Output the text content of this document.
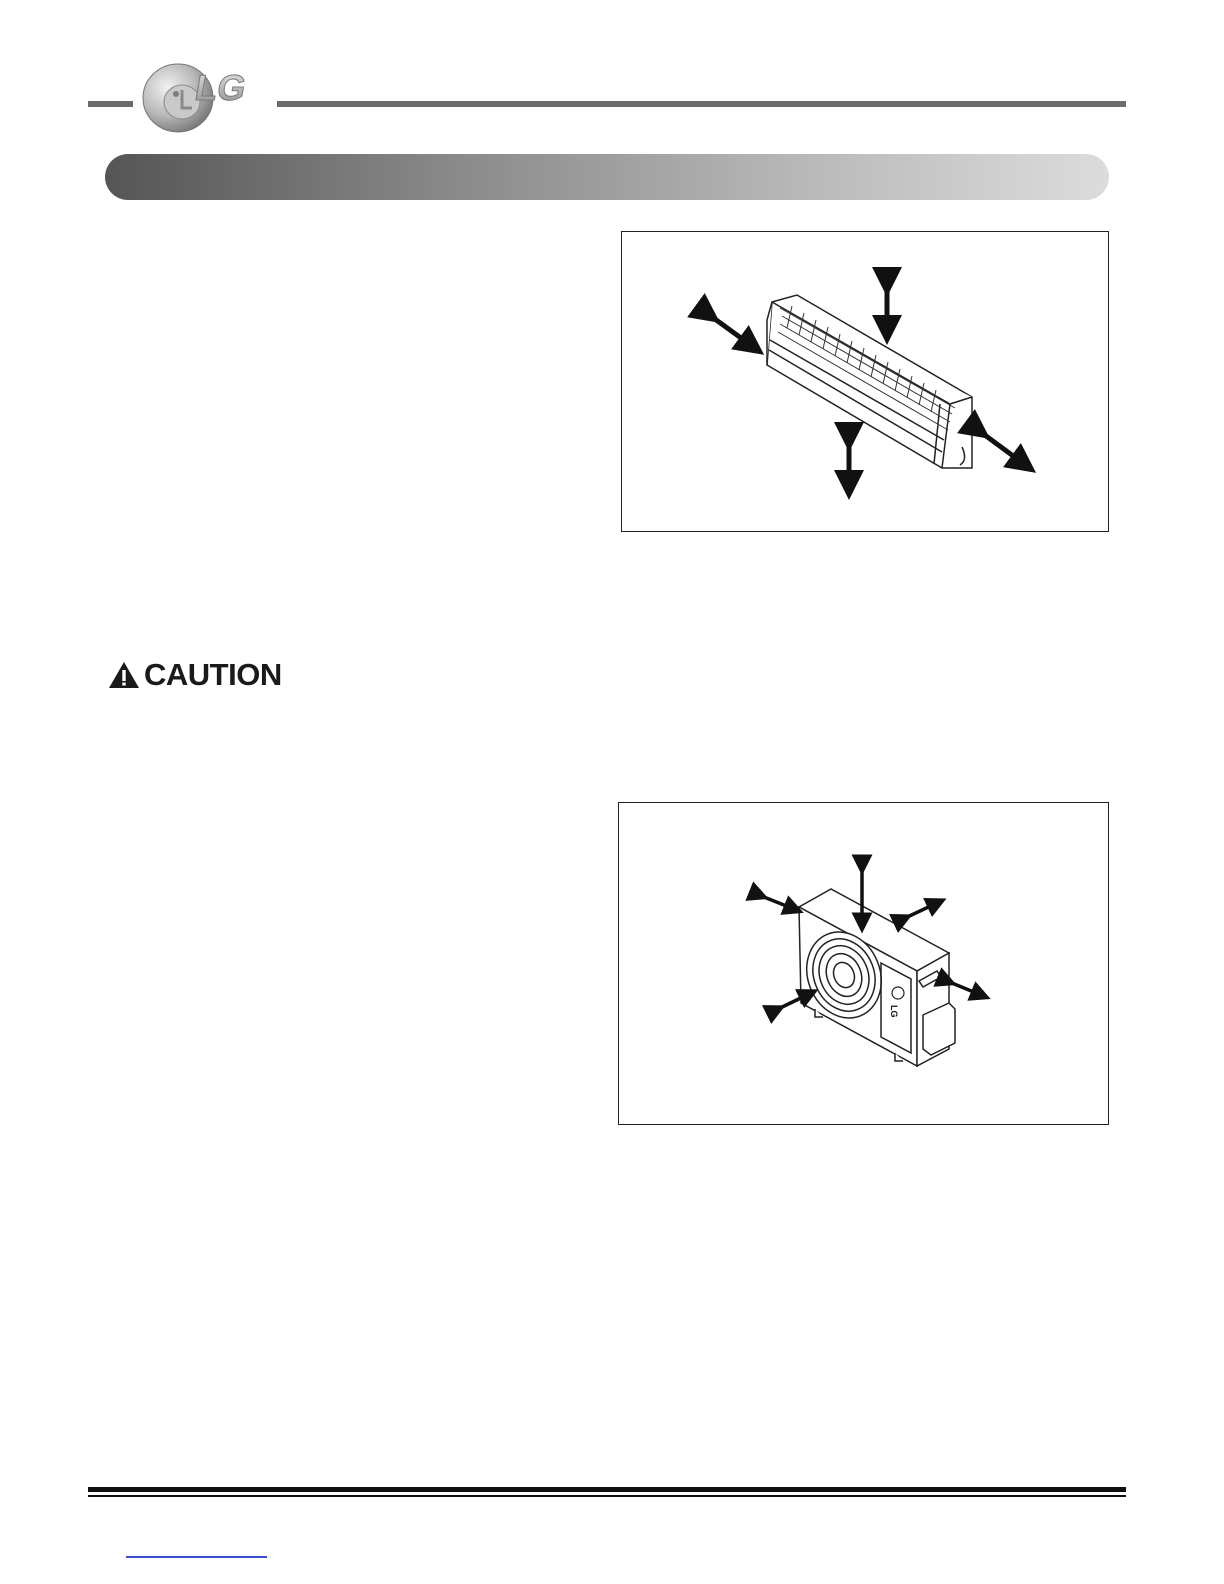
LG
CAUTION
LG
